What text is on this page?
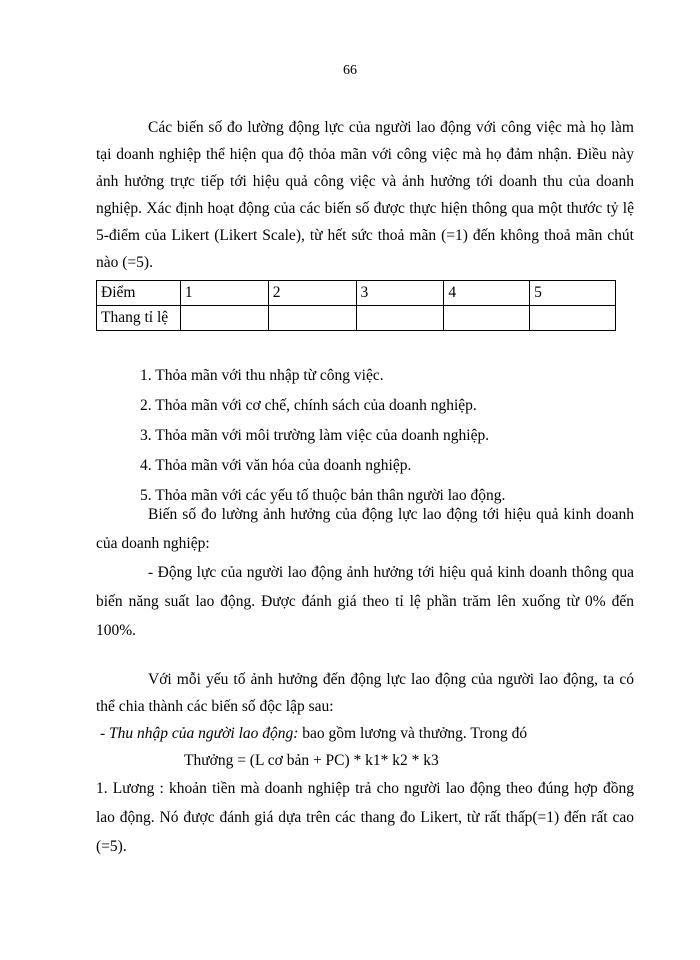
66

Các biến số đo lường động lực của người lao động với công việc mà họ làm tại doanh nghiệp thể hiện qua độ thỏa mãn với công việc mà họ đảm nhận. Điều này ảnh hưởng trực tiếp tới hiệu quả công việc và ảnh hưởng tới doanh thu của doanh nghiệp. Xác định hoạt động của các biến số được thực hiện thông qua một thước tỷ lệ 5-điểm của Likert (Likert Scale), từ hết sức thoả mãn (=1) đến không thoả mãn chút nào (=5).

Điểm	1	2	3	4	5
Thang tỉ lệ					

1. Thỏa mãn với thu nhập từ công việc.

2. Thỏa mãn với cơ chế, chính sách của doanh nghiệp.

3. Thỏa mãn với môi trường làm việc của doanh nghiệp.

4. Thỏa mãn với văn hóa của doanh nghiệp.

5. Thỏa mãn với các yếu tố thuộc bản thân người lao động.

Biến số đo lường ảnh hưởng của động lực lao động tới hiệu quả kinh doanh của doanh nghiệp:

- Động lực của người lao động ảnh hưởng tới hiệu quả kinh doanh thông qua biến năng suất lao động. Được đánh giá theo tỉ lệ phần trăm lên xuống từ 0% đến 100%.

Với mỗi yếu tố ảnh hưởng đến động lực lao động của người lao động, ta có thể chia thành các biến số độc lập sau:

- Thu nhập của người lao động: bao gồm lương và thưởng. Trong đó

Thưởng = (L cơ bản + PC) * k1* k2 * k3

1. Lương : khoản tiền mà doanh nghiệp trả cho người lao động theo đúng hợp đồng lao động. Nó được đánh giá dựa trên các thang đo Likert, từ rất thấp(=1) đến rất cao (=5).
